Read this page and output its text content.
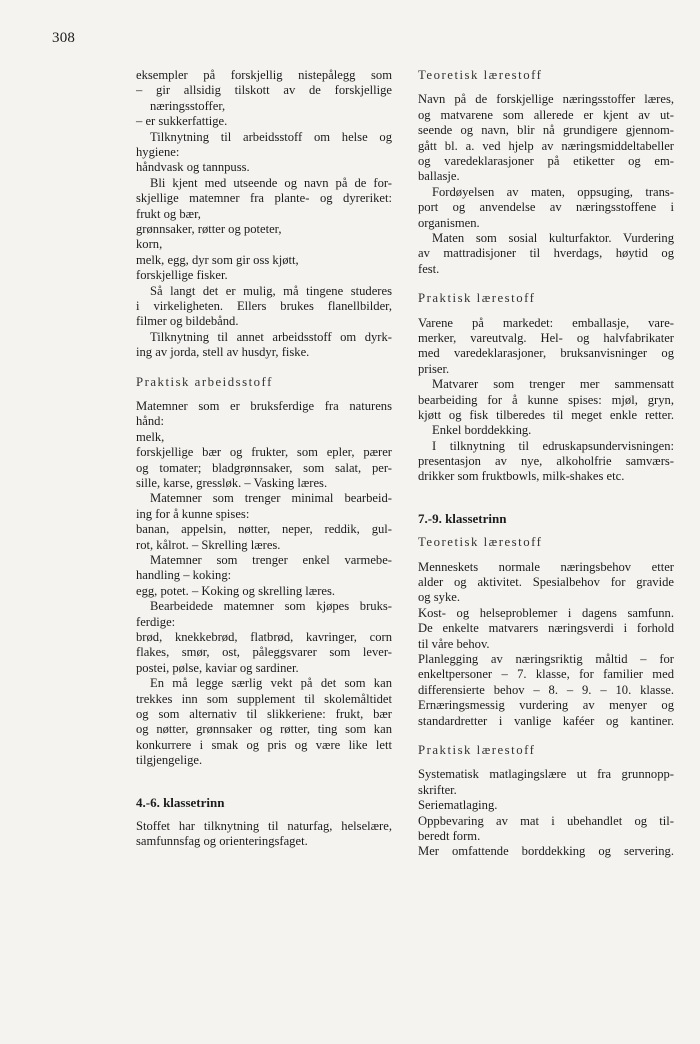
308
eksempler på forskjellig nistepålegg som
– gir allsidig tilskott av de forskjellige
næringsstoffer,
– er sukkerfattige.
Tilknytning til arbeidsstoff om helse og
hygiene:
håndvask og tannpuss.
Bli kjent med utseende og navn på de for-
skjellige matemner fra plante- og dyreriket:
frukt og bær,
grønnsaker, røtter og poteter,
korn,
melk, egg, dyr som gir oss kjøtt,
forskjellige fisker.
Så langt det er mulig, må tingene studeres
i virkeligheten. Ellers brukes flanellbilder,
filmer og bildebånd.
Tilknytning til annet arbeidsstoff om dyrk-
ing av jorda, stell av husdyr, fiske.
Praktisk arbeidsstoff
Matemner som er bruksferdige fra naturens
hånd:
melk,
forskjellige bær og frukter, som epler, pærer
og tomater; bladgrønnsaker, som salat, per-
sille, karse, gressløk. – Vasking læres.
Matemner som trenger minimal bearbeid-
ing for å kunne spises:
banan, appelsin, nøtter, neper, reddik, gul-
rot, kålrot. – Skrelling læres.
Matemner som trenger enkel varmebe-
handling – koking:
egg, potet. – Koking og skrelling læres.
Bearbeidede matemner som kjøpes bruks-
ferdige:
brød, knekkebrød, flatbrød, kavringer, corn
flakes, smør, ost, påleggsvarer som lever-
postei, pølse, kaviar og sardiner.
En må legge særlig vekt på det som kan
trekkes inn som supplement til skolemåltidet
og som alternativ til slikkeriene: frukt, bær
og nøtter, grønnsaker og røtter, ting som kan
konkurrere i smak og pris og være like lett
tilgjengelige.
4.-6. klassetrinn
Stoffet har tilknytning til naturfag, helselære,
samfunnsfag og orienteringsfaget.
Teoretisk lærestoff
Navn på de forskjellige næringsstoffer læres,
og matvarene som allerede er kjent av ut-
seende og navn, blir nå grundigere gjennom-
gått bl. a. ved hjelp av næringsmiddeltabeller
og varedeklarasjoner på etiketter og em-
ballasje.
Fordøyelsen av maten, oppsuging, trans-
port og anvendelse av næringsstoffene i
organismen.
Maten som sosial kulturfaktor. Vurdering
av mattradisjoner til hverdags, høytid og
fest.
Praktisk lærestoff
Varene på markedet: emballasje, vare-
merker, vareutvalg. Hel- og halvfabrikater
med varedeklarasjoner, bruksanvisninger og
priser.
Matvarer som trenger mer sammensatt
bearbeiding for å kunne spises: mjøl, gryn,
kjøtt og fisk tilberedes til meget enkle retter.
Enkel borddekking.
I tilknytning til edruskapsundervisningen:
presentasjon av nye, alkoholfrie samværs-
drikker som fruktbowls, milk-shakes etc.
7.-9. klassetrinn
Teoretisk lærestoff
Menneskets normale næringsbehov etter
alder og aktivitet. Spesialbehov for gravide
og syke.
Kost- og helseproblemer i dagens samfunn.
De enkelte matvarers næringsverdi i forhold
til våre behov.
Planlegging av næringsriktig måltid – for
enkeltpersoner – 7. klasse, for familier med
differensierte behov – 8. – 9. – 10. klasse.
Ernæringsmessig vurdering av menyer og
standardretter i vanlige kaféer og kantiner.
Praktisk lærestoff
Systematisk matlagingslære ut fra grunnopp-
skrifter.
Seriematlaging.
Oppbevaring av mat i ubehandlet og til-
beredt form.
Mer omfattende borddekking og servering.
